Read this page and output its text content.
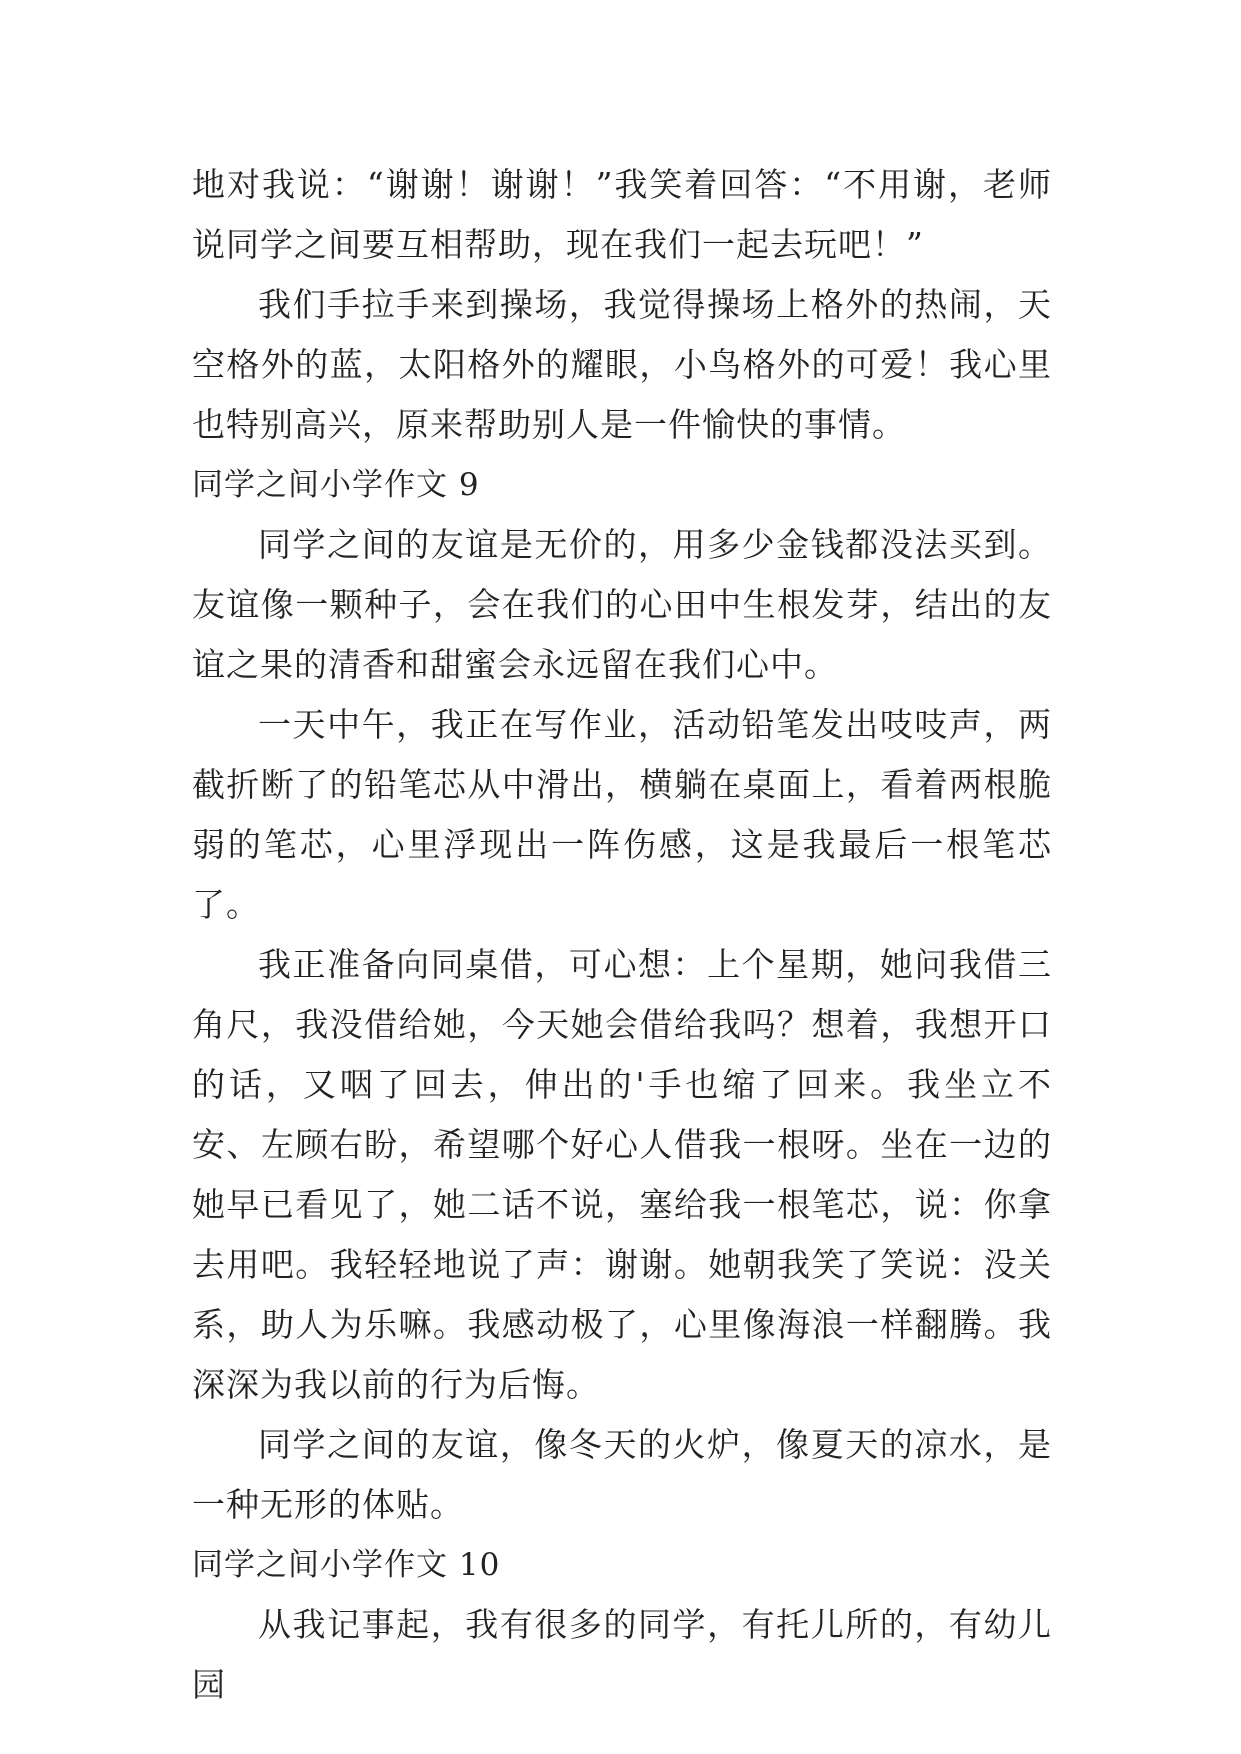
地对我说：“谢谢！谢谢！”我笑着回答：“不用谢，老师说同学之间要互相帮助，现在我们一起去玩吧！”

我们手拉手来到操场，我觉得操场上格外的热闹，天空格外的蓝，太阳格外的耀眼，小鸟格外的可爱！我心里也特别高兴，原来帮助别人是一件愉快的事情。

同学之间小学作文 9

同学之间的友谊是无价的，用多少金钱都没法买到。友谊像一颗种子，会在我们的心田中生根发芽，结出的友谊之果的清香和甜蜜会永远留在我们心中。

一天中午，我正在写作业，活动铅笔发出吱吱声，两截折断了的铅笔芯从中滑出，横躺在桌面上，看着两根脆弱的笔芯，心里浮现出一阵伤感，这是我最后一根笔芯了。

我正准备向同桌借，可心想：上个星期，她问我借三角尺，我没借给她，今天她会借给我吗？想着，我想开口的话，又咽了回去，伸出的'手也缩了回来。我坐立不安、左顾右盼，希望哪个好心人借我一根呀。坐在一边的她早已看见了，她二话不说，塞给我一根笔芯，说：你拿去用吧。我轻轻地说了声：谢谢。她朝我笑了笑说：没关系，助人为乐嘛。我感动极了，心里像海浪一样翻腾。我深深为我以前的行为后悔。

同学之间的友谊，像冬天的火炉，像夏天的凉水，是一种无形的体贴。

同学之间小学作文 10

从我记事起，我有很多的同学，有托儿所的，有幼儿园
